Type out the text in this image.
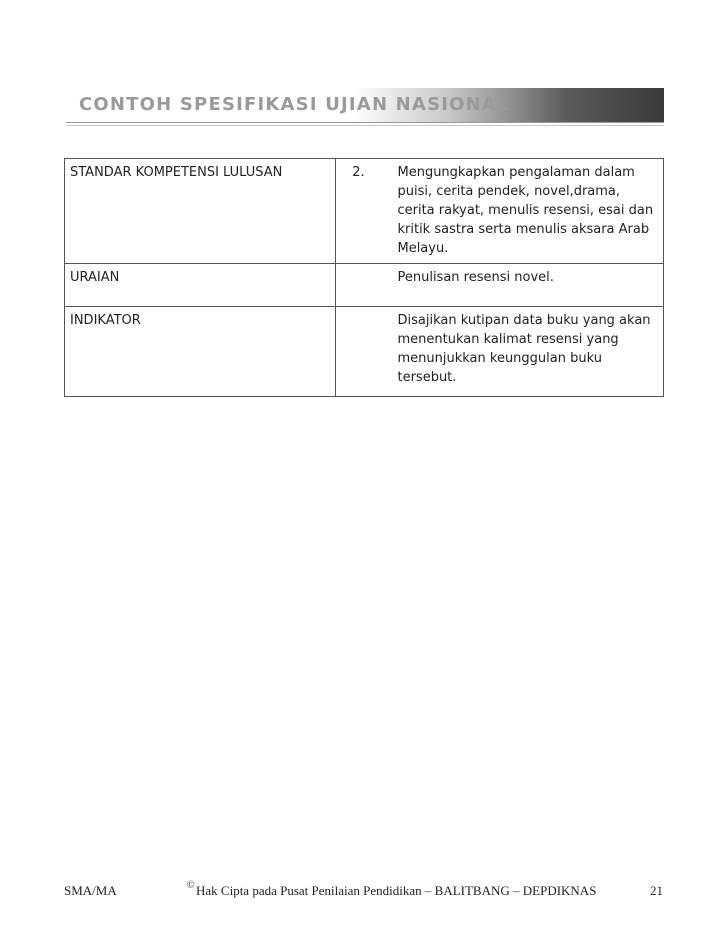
CONTOH SPESIFIKASI UJIAN NASIONAL
STANDAR KOMPETENSI LULUSAN	2.	Mengungkapkan pengalaman dalam puisi, cerita pendek, novel,drama, cerita rakyat, menulis resensi, esai dan kritik sastra serta menulis aksara Arab Melayu.
URAIAN		Penulisan resensi novel.
INDIKATOR		Disajikan kutipan data buku yang akan menentukan kalimat resensi yang menunjukkan keunggulan buku tersebut.
SMA/MA	© Hak Cipta pada Pusat Penilaian Pendidikan – BALITBANG – DEPDIKNAS	21
